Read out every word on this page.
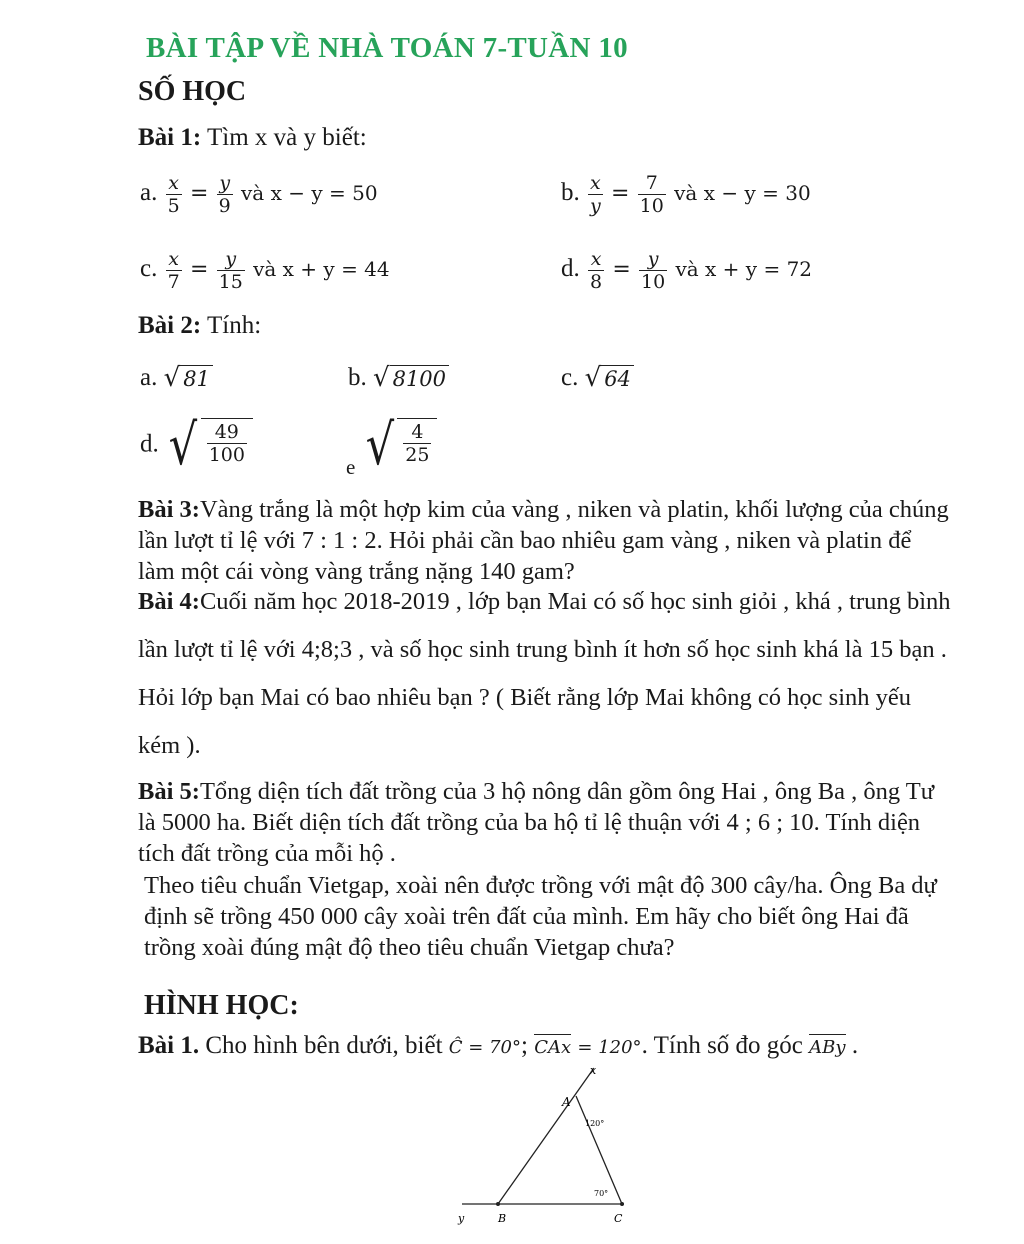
BÀI TẬP VỀ NHÀ TOÁN 7-TUẦN 10
SỐ HỌC
Bài 1: Tìm x và y biết:
a. $\frac{x}{5} = \frac{y}{9}$ và x − y = 50	b. $\frac{x}{y} = \frac{7}{10}$ và x − y = 30
c. $\frac{x}{7} = \frac{y}{15}$ và x + y = 44	d. $\frac{x}{8} = \frac{y}{10}$ và x + y = 72
Bài 2: Tính:
a. √ 81	b. √ 8100	c. √ 64
d. √ $\frac{49}{100}$
$_e$ √ $\frac{4}{25}$
Bài 3:Vàng trắng là một hợp kim của vàng , niken và platin, khối lượng của chúng lần lượt tỉ lệ với 7 : 1 : 2. Hỏi phải cần bao nhiêu gam vàng , niken và platin để làm một cái vòng vàng trắng nặng 140 gam?
Bài 4:Cuối năm học 2018-2019 , lớp bạn Mai có số học sinh giỏi , khá , trung bình lần lượt tỉ lệ với 4;8;3 , và số học sinh trung bình ít hơn số học sinh khá là 15 bạn . Hỏi lớp bạn Mai có bao nhiêu bạn ? ( Biết rằng lớp Mai không có học sinh yếu kém ).
Bài 5:Tổng diện tích đất trồng của 3 hộ nông dân gồm ông Hai , ông Ba , ông Tư là 5000 ha. Biết diện tích đất trồng của ba hộ tỉ lệ thuận với 4 ; 6 ; 10. Tính diện tích đất trồng của mỗi hộ .
Theo tiêu chuẩn Vietgap, xoài nên được trồng với mật độ 300 cây/ha. Ông Ba dự định sẽ trồng 450 000 cây xoài trên đất của mình. Em hãy cho biết ông Hai đã trồng xoài đúng mật độ theo tiêu chuẩn Vietgap chưa?
HÌNH HỌC:
Bài 1. Cho hình bên dưới, biết Ĉ = 70°; CAx = 120°. Tính số đo góc ABy .
x
A
120°
70°
y	B	C
